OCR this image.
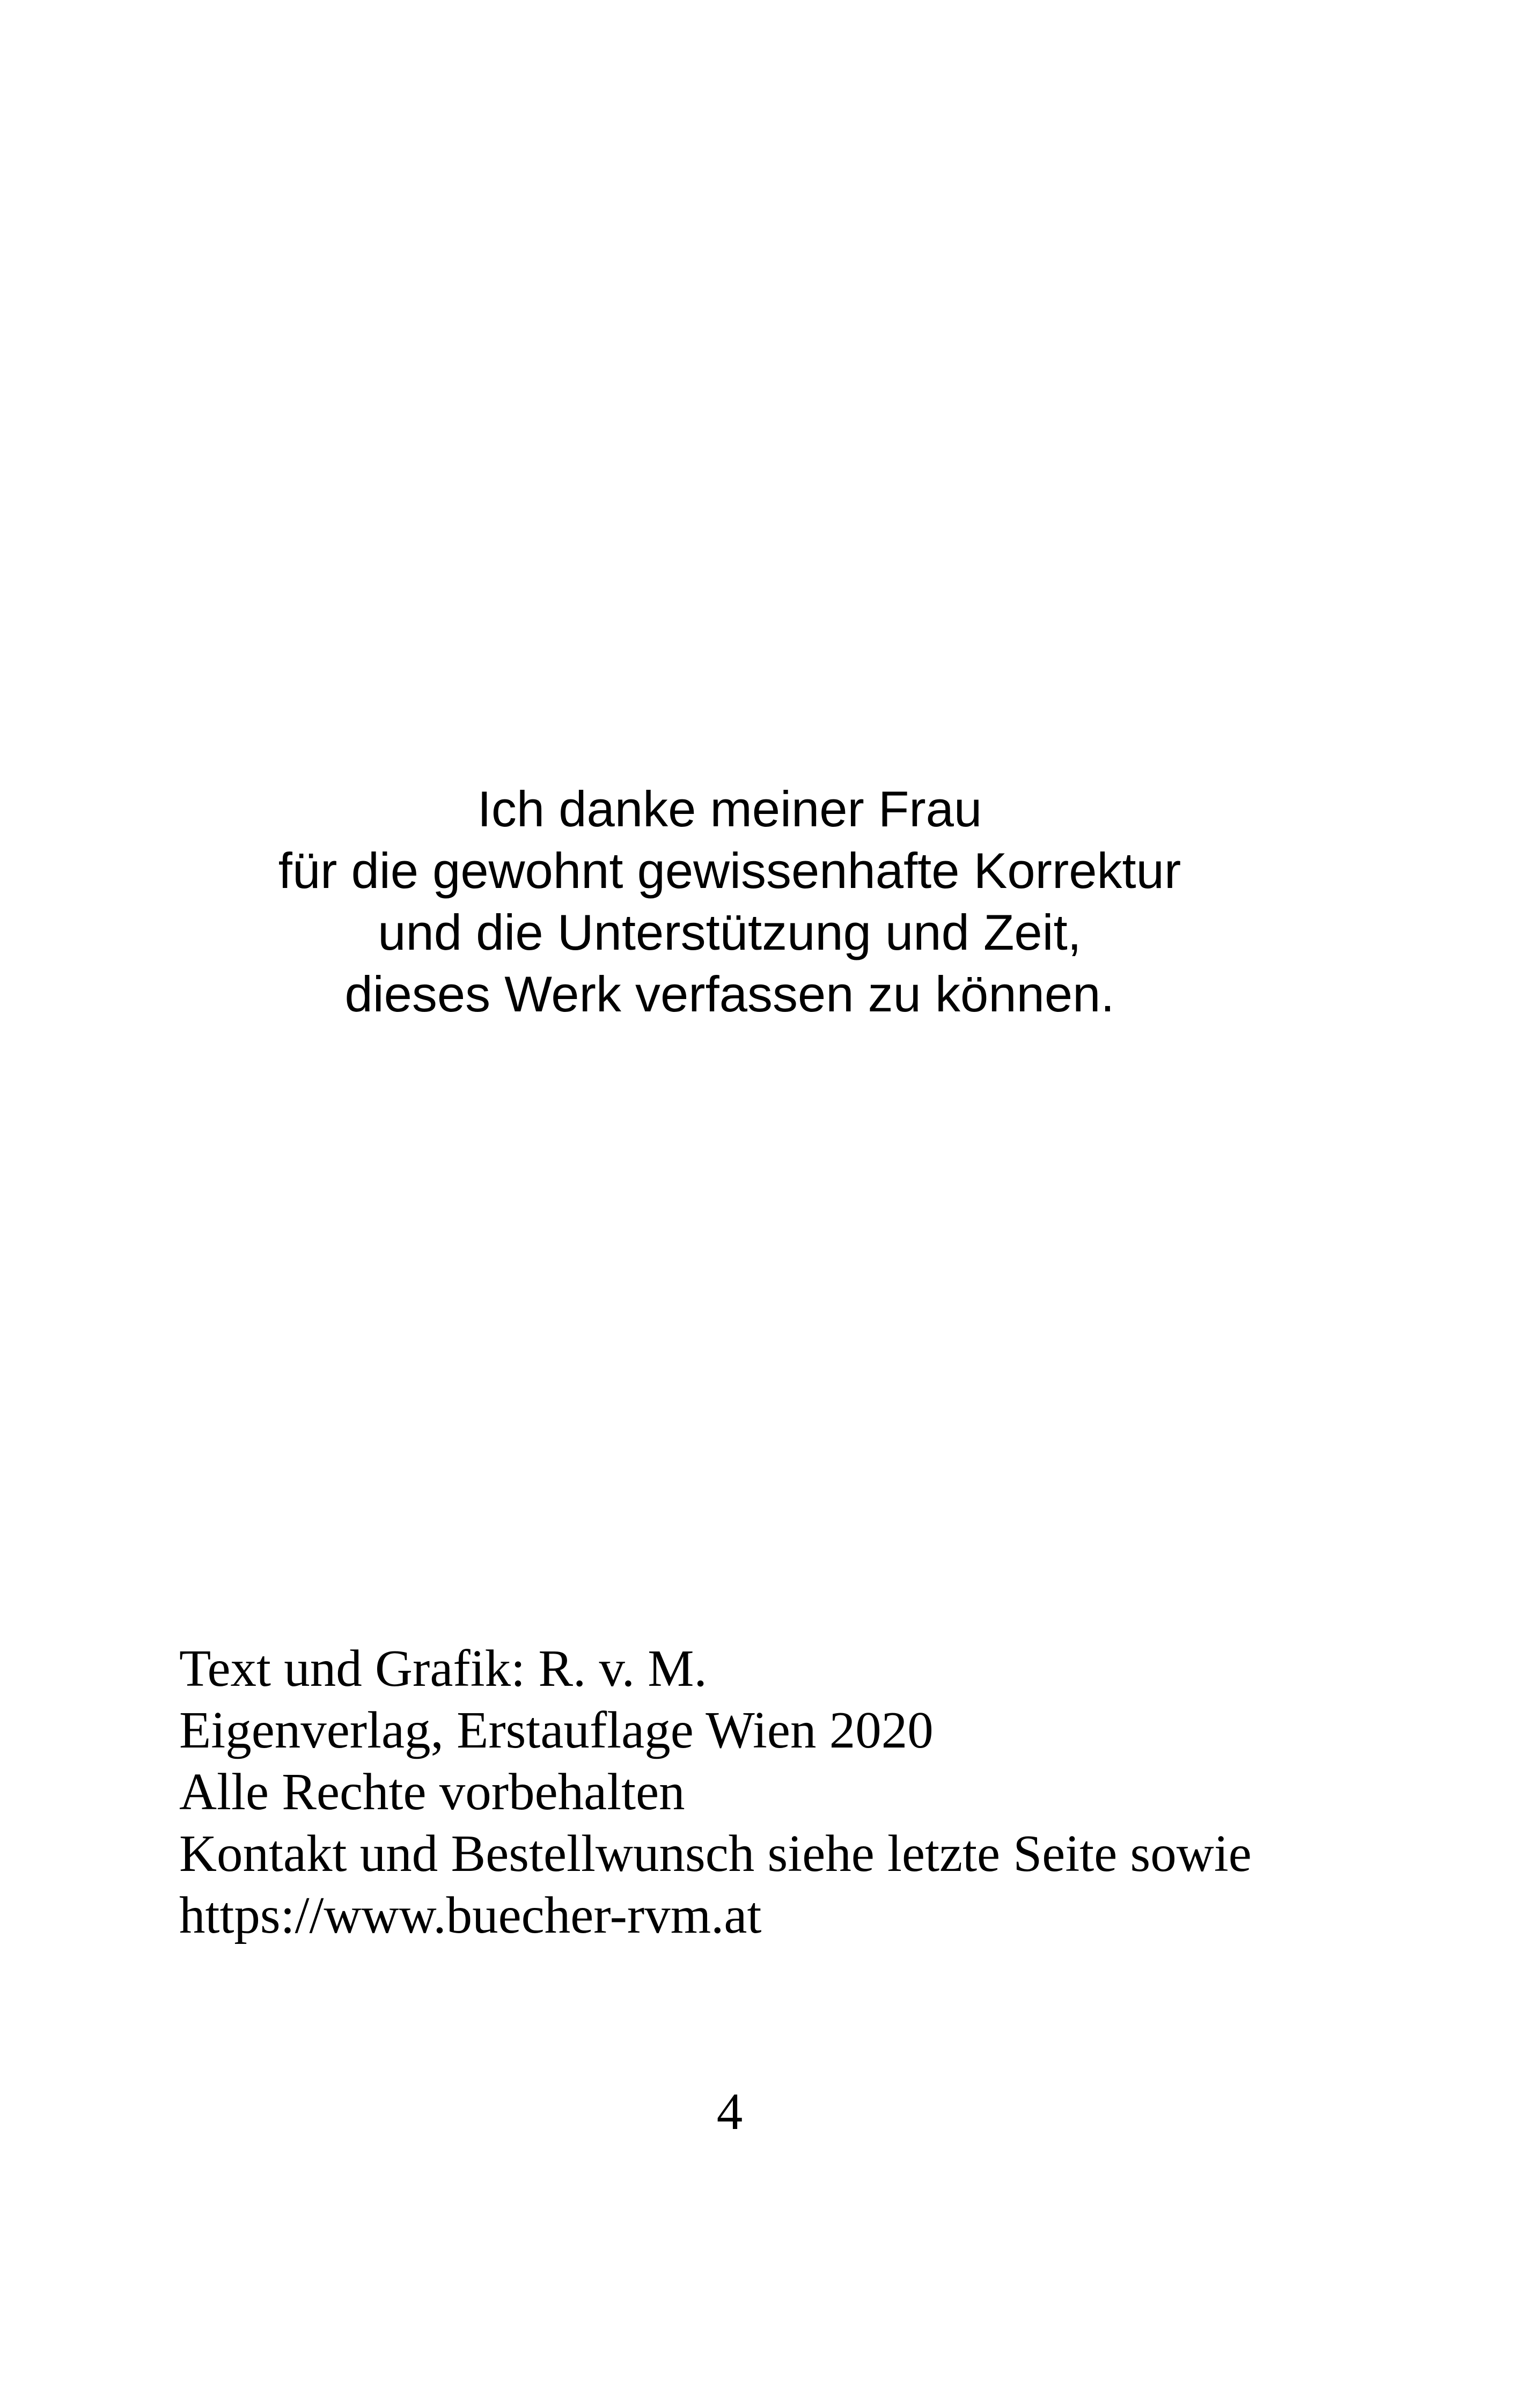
Ich danke meiner Frau
für die gewohnt gewissenhafte Korrektur
und die Unterstützung und Zeit,
dieses Werk verfassen zu können.
Text und Grafik: R. v. M.
Eigenverlag, Erstauflage Wien 2020
Alle Rechte vorbehalten
Kontakt und Bestellwunsch siehe letzte Seite sowie
https://www.buecher-rvm.at
4
